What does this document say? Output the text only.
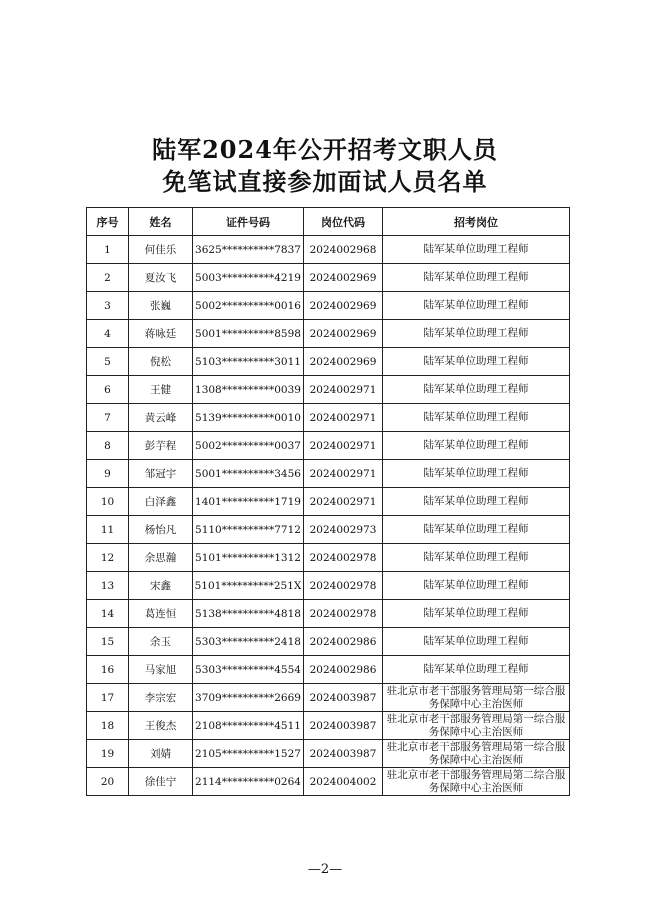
陆军2024年公开招考文职人员
免笔试直接参加面试人员名单
序号	姓名	证件号码	岗位代码	招考岗位
1	何佳乐	3625**********7837	2024002968	陆军某单位助理工程师
2	夏汝飞	5003**********4219	2024002969	陆军某单位助理工程师
3	张巍	5002**********0016	2024002969	陆军某单位助理工程师
4	蒋咏廷	5001**********8598	2024002969	陆军某单位助理工程师
5	倪松	5103**********3011	2024002969	陆军某单位助理工程师
6	王健	1308**********0039	2024002971	陆军某单位助理工程师
7	黄云峰	5139**********0010	2024002971	陆军某单位助理工程师
8	彭芋程	5002**********0037	2024002971	陆军某单位助理工程师
9	邹冠宇	5001**********3456	2024002971	陆军某单位助理工程师
10	白泽鑫	1401**********1719	2024002971	陆军某单位助理工程师
11	杨怡凡	5110**********7712	2024002973	陆军某单位助理工程师
12	余思瀚	5101**********1312	2024002978	陆军某单位助理工程师
13	宋鑫	5101**********251X	2024002978	陆军某单位助理工程师
14	葛连恒	5138**********4818	2024002978	陆军某单位助理工程师
15	余玉	5303**********2418	2024002986	陆军某单位助理工程师
16	马家旭	5303**********4554	2024002986	陆军某单位助理工程师
17	李宗宏	3709**********2669	2024003987	驻北京市老干部服务管理局第一综合服务保障中心主治医师
18	王俊杰	2108**********4511	2024003987	驻北京市老干部服务管理局第一综合服务保障中心主治医师
19	刘婧	2105**********1527	2024003987	驻北京市老干部服务管理局第一综合服务保障中心主治医师
20	徐佳宁	2114**********0264	2024004002	驻北京市老干部服务管理局第二综合服务保障中心主治医师
—2—
